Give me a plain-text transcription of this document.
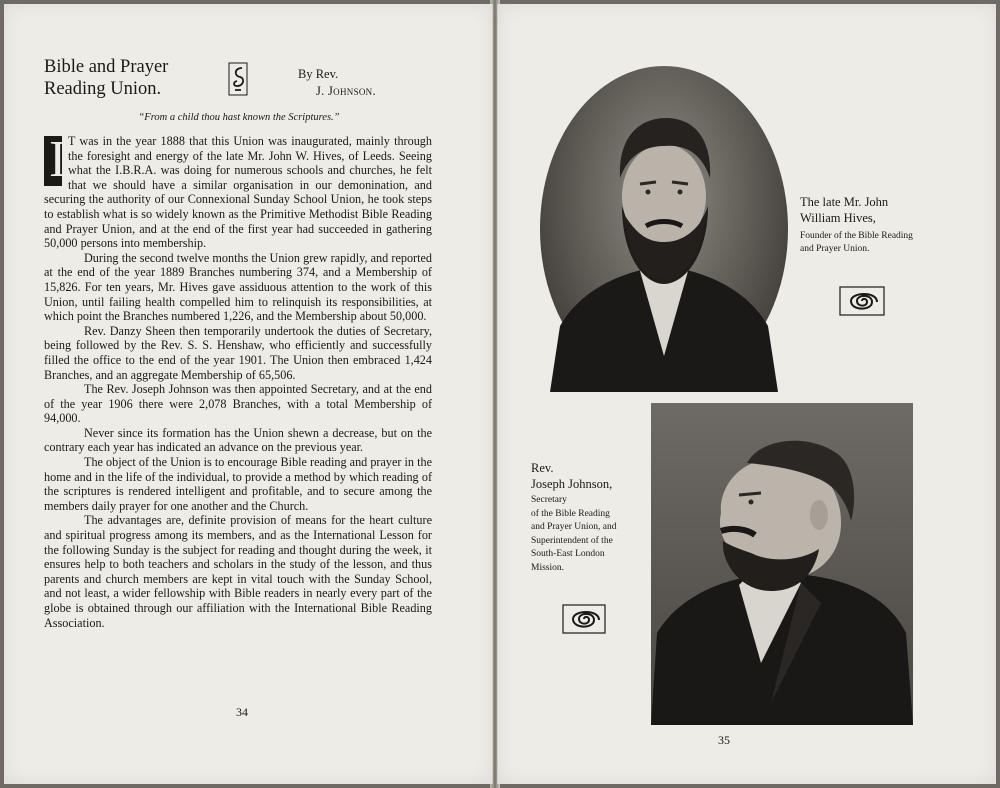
Bible and Prayer
Reading Union.
By Rev.
J. Johnson.
“From a child thou hast known the Scriptures.”

I T was in the year 1888 that this Union was inaugurated, mainly through the foresight and energy of the late Mr. John W. Hives, of Leeds. Seeing what the I.B.R.A. was doing for numerous schools and churches, he felt that we should have a similar organisation in our demonination, and securing the authority of our Connexional Sunday School Union, he took steps to establish what is so widely known as the Primitive Methodist Bible Reading and Prayer Union, and at the end of the first year had succeeded in gathering 50,000 persons into membership.

During the second twelve months the Union grew rapidly, and reported at the end of the year 1889 Branches numbering 374, and a Membership of 15,826. For ten years, Mr. Hives gave assiduous attention to the work of this Union, until failing health compelled him to relinquish its responsibilities, at which point the Branches numbered 1,226, and the Membership about 50,000.

Rev. Danzy Sheen then temporarily undertook the duties of Secretary, being followed by the Rev. S. S. Henshaw, who efficiently and successfully filled the office to the end of the year 1901. The Union then embraced 1,424 Branches, and an aggregate Membership of 65,506.

The Rev. Joseph Johnson was then appointed Secretary, and at the end of the year 1906 there were 2,078 Branches, with a total Membership of 94,000.

Never since its formation has the Union shewn a decrease, but on the contrary each year has indicated an advance on the previous year.

The object of the Union is to encourage Bible reading and prayer in the home and in the life of the individual, to provide a method by which reading of the scriptures is rendered intelligent and profitable, and to secure among the members daily prayer for one another and the Church.

The advantages are, definite provision of means for the heart culture and spiritual progress among its members, and as the International Lesson for the following Sunday is the subject for reading and thought during the week, it ensures help to both teachers and scholars in the study of the lesson, and thus parents and church members are kept in vital touch with the Sunday School, and not least, a wider fellowship with Bible readers in nearly every part of the globe is obtained through our affiliation with the International Bible Reading Association.

34
The late Mr. John
William Hives,
Founder of the Bible Reading
and Prayer Union.
Rev.
Joseph Johnson,
Secretary
of the Bible Reading
and Prayer Union, and
Superintendent of the
South-East London
Mission.
35
